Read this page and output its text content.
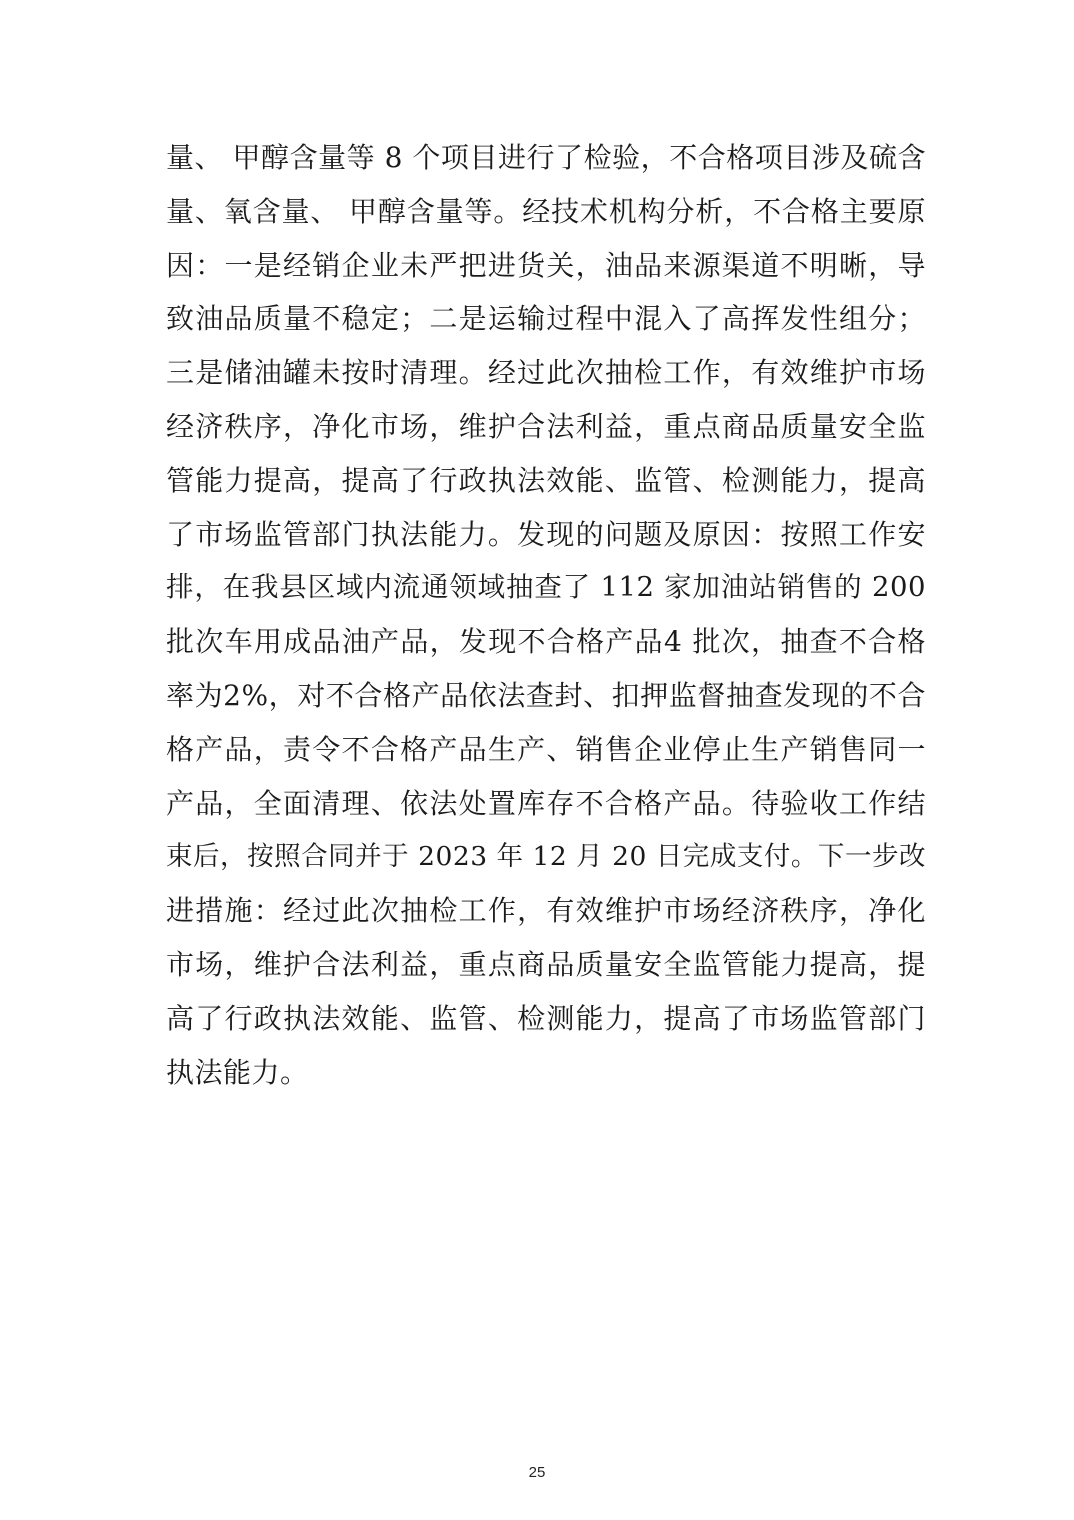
量、 甲醇含量等 8 个项目进行了检验，不合格项目涉及硫含
量、氧含量、 甲醇含量等。经技术机构分析，不合格主要原
因：一是经销企业未严把进货关，油品来源渠道不明晰，导
致油品质量不稳定；二是运输过程中混入了高挥发性组分；
三是储油罐未按时清理。经过此次抽检工作，有效维护市场
经济秩序，净化市场，维护合法利益，重点商品质量安全监
管能力提高，提高了行政执法效能、监管、检测能力，提高
了市场监管部门执法能力。发现的问题及原因：按照工作安
排，在我县区域内流通领域抽查了 112 家加油站销售的 200
批次车用成品油产品，发现不合格产品4 批次，抽查不合格
率为2%，对不合格产品依法查封、扣押监督抽查发现的不合
格产品，责令不合格产品生产、销售企业停止生产销售同一
产品，全面清理、依法处置库存不合格产品。待验收工作结
束后，按照合同并于 2023 年 12 月 20 日完成支付。下一步改
进措施：经过此次抽检工作，有效维护市场经济秩序，净化
市场，维护合法利益，重点商品质量安全监管能力提高，提
高了行政执法效能、监管、检测能力，提高了市场监管部门
执法能力。
25
